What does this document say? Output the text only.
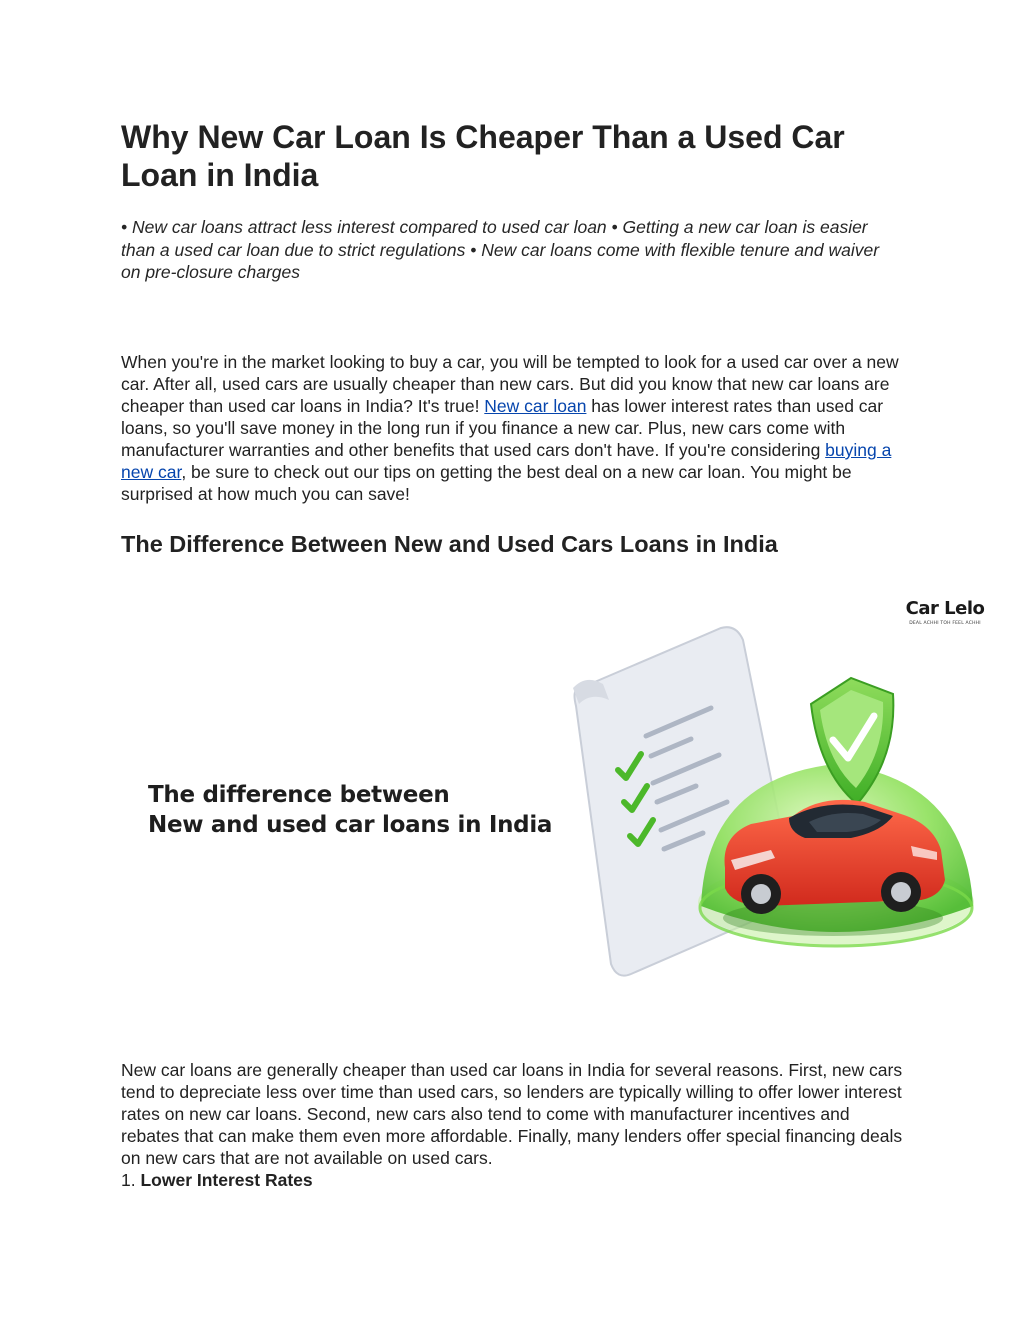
Why New Car Loan Is Cheaper Than a Used Car Loan in India

• New car loans attract less interest compared to used car loan • Getting a new car loan is easier than a used car loan due to strict regulations • New car loans come with flexible tenure and waiver on pre-closure charges

When you're in the market looking to buy a car, you will be tempted to look for a used car over a new car. After all, used cars are usually cheaper than new cars. But did you know that new car loans are cheaper than used car loans in India? It's true! New car loan has lower interest rates than used car loans, so you'll save money in the long run if you finance a new car. Plus, new cars come with manufacturer warranties and other benefits that used cars don't have. If you're considering buying a new car, be sure to check out our tips on getting the best deal on a new car loan. You might be surprised at how much you can save!

The Difference Between New and Used Cars Loans in India

The difference between
New and used car loans in India

Car Lelo
DEAL ACHHI TOH FEEL ACHHI

New car loans are generally cheaper than used car loans in India for several reasons. First, new cars tend to depreciate less over time than used cars, so lenders are typically willing to offer lower interest rates on new car loans. Second, new cars also tend to come with manufacturer incentives and rebates that can make them even more affordable. Finally, many lenders offer special financing deals on new cars that are not available on used cars.

1. Lower Interest Rates
